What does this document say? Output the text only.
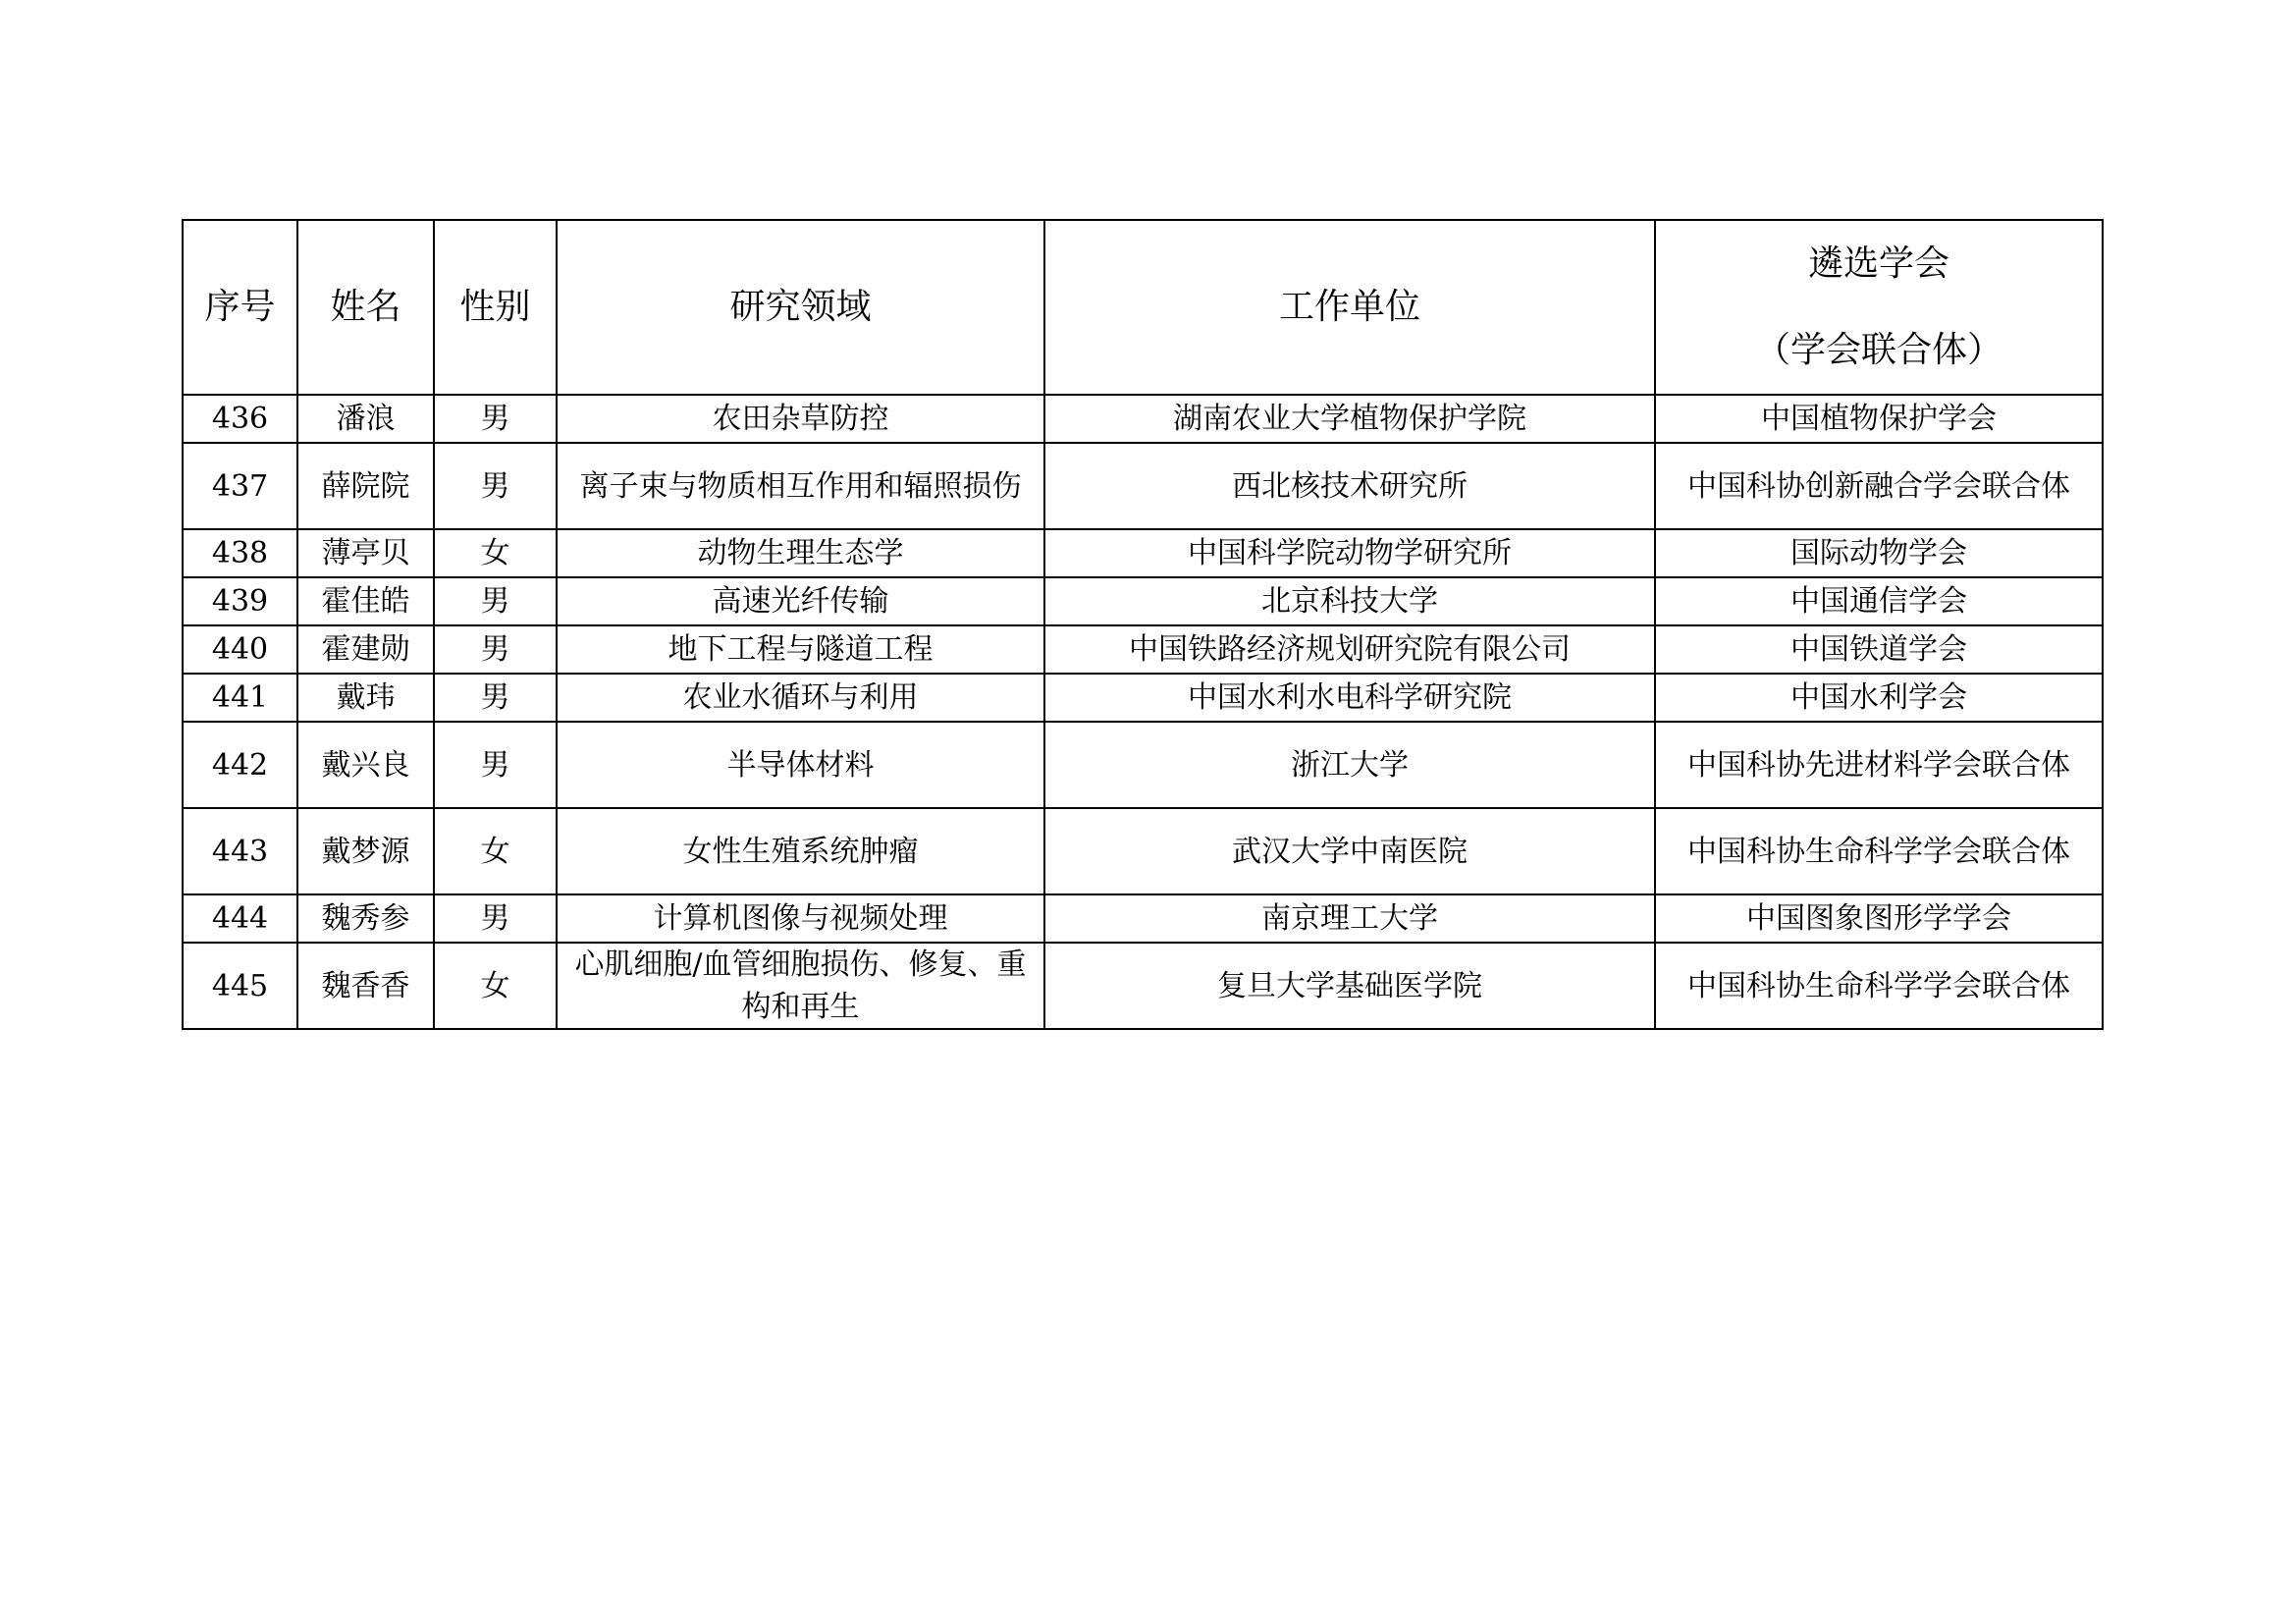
序号	姓名	性别	研究领域	工作单位	遴选学会
（学会联合体）

436	潘浪	男	农田杂草防控	湖南农业大学植物保护学院	中国植物保护学会
437	薛院院	男	离子束与物质相互作用和辐照损伤	西北核技术研究所	中国科协创新融合学会联合体
438	薄亭贝	女	动物生理生态学	中国科学院动物学研究所	国际动物学会
439	霍佳皓	男	高速光纤传输	北京科技大学	中国通信学会
440	霍建勋	男	地下工程与隧道工程	中国铁路经济规划研究院有限公司	中国铁道学会
441	戴玮	男	农业水循环与利用	中国水利水电科学研究院	中国水利学会
442	戴兴良	男	半导体材料	浙江大学	中国科协先进材料学会联合体
443	戴梦源	女	女性生殖系统肿瘤	武汉大学中南医院	中国科协生命科学学会联合体
444	魏秀参	男	计算机图像与视频处理	南京理工大学	中国图象图形学学会
445	魏香香	女	心肌细胞/血管细胞损伤、修复、重构和再生	复旦大学基础医学院	中国科协生命科学学会联合体
